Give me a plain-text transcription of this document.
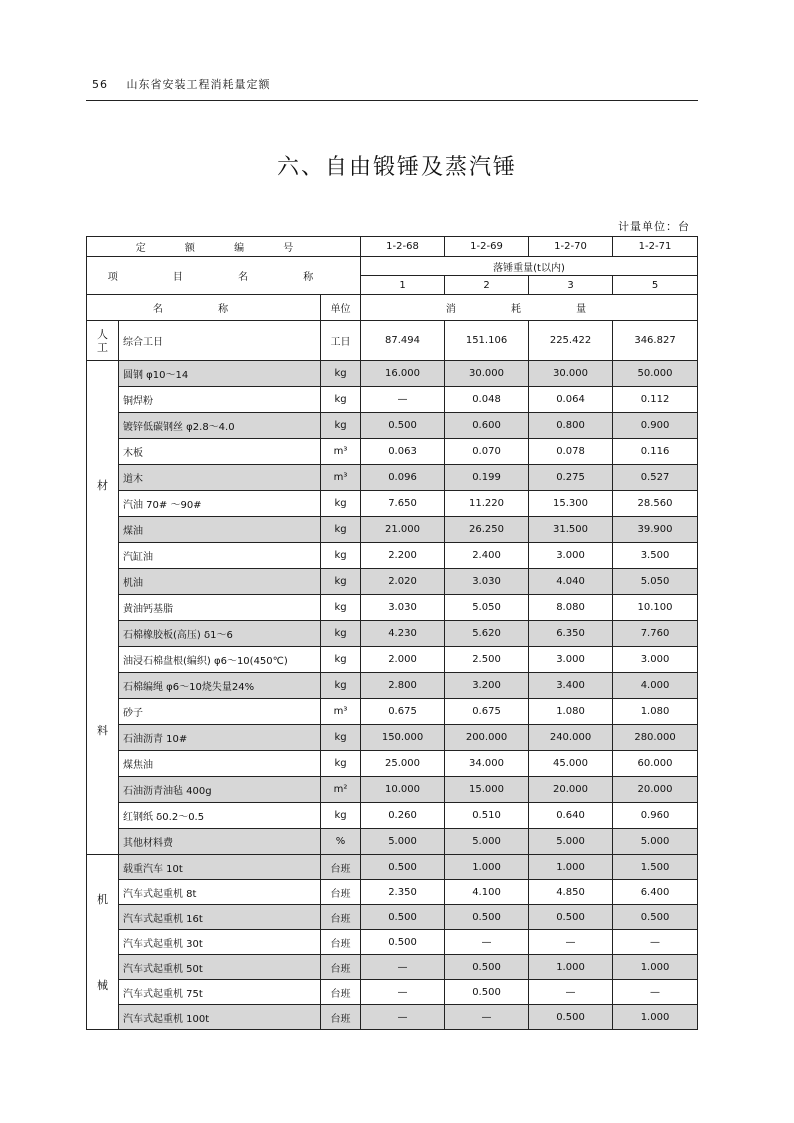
56 山东省安装工程消耗量定额
六、自由锻锤及蒸汽锤
计量单位：台
定 额 编 号			1-2-68	1-2-69	1-2-70	1-2-71
项 目 名 称			落锤重量(t以内)			
			1	2	3	5
名 称		单位	消 耗 量			
人工	综合工日	工日	87.494	151.106	225.422	346.827

材
料	圆钢 φ10～14	kg	16.000	30.000	30.000	50.000
	铜焊粉	kg	—	0.048	0.064	0.112
	镀锌低碳钢丝 φ2.8～4.0	kg	0.500	0.600	0.800	0.900
	木板	m³	0.063	0.070	0.078	0.116
	道木	m³	0.096	0.199	0.275	0.527
	汽油 70# ～90#	kg	7.650	11.220	15.300	28.560
	煤油	kg	21.000	26.250	31.500	39.900
	汽缸油	kg	2.200	2.400	3.000	3.500
	机油	kg	2.020	3.030	4.040	5.050
	黄油钙基脂	kg	3.030	5.050	8.080	10.100
	石棉橡胶板(高压) δ1～6	kg	4.230	5.620	6.350	7.760
	油浸石棉盘根(编织) φ6～10(450℃)	kg	2.000	2.500	3.000	3.000
	石棉编绳 φ6～10烧失量24%	kg	2.800	3.200	3.400	4.000
	砂子	m³	0.675	0.675	1.080	1.080
	石油沥青 10#	kg	150.000	200.000	240.000	280.000
	煤焦油	kg	25.000	34.000	45.000	60.000
	石油沥青油毡 400g	m²	10.000	15.000	20.000	20.000
	红钢纸 δ0.2～0.5	kg	0.260	0.510	0.640	0.960
	其他材料费	%	5.000	5.000	5.000	5.000

机
械	载重汽车 10t	台班	0.500	1.000	1.000	1.500
	汽车式起重机 8t	台班	2.350	4.100	4.850	6.400
	汽车式起重机 16t	台班	0.500	0.500	0.500	0.500
	汽车式起重机 30t	台班	0.500	—	—	—
	汽车式起重机 50t	台班	—	0.500	1.000	1.000
	汽车式起重机 75t	台班	—	0.500	—	—
	汽车式起重机 100t	台班	—	—	0.500	1.000
